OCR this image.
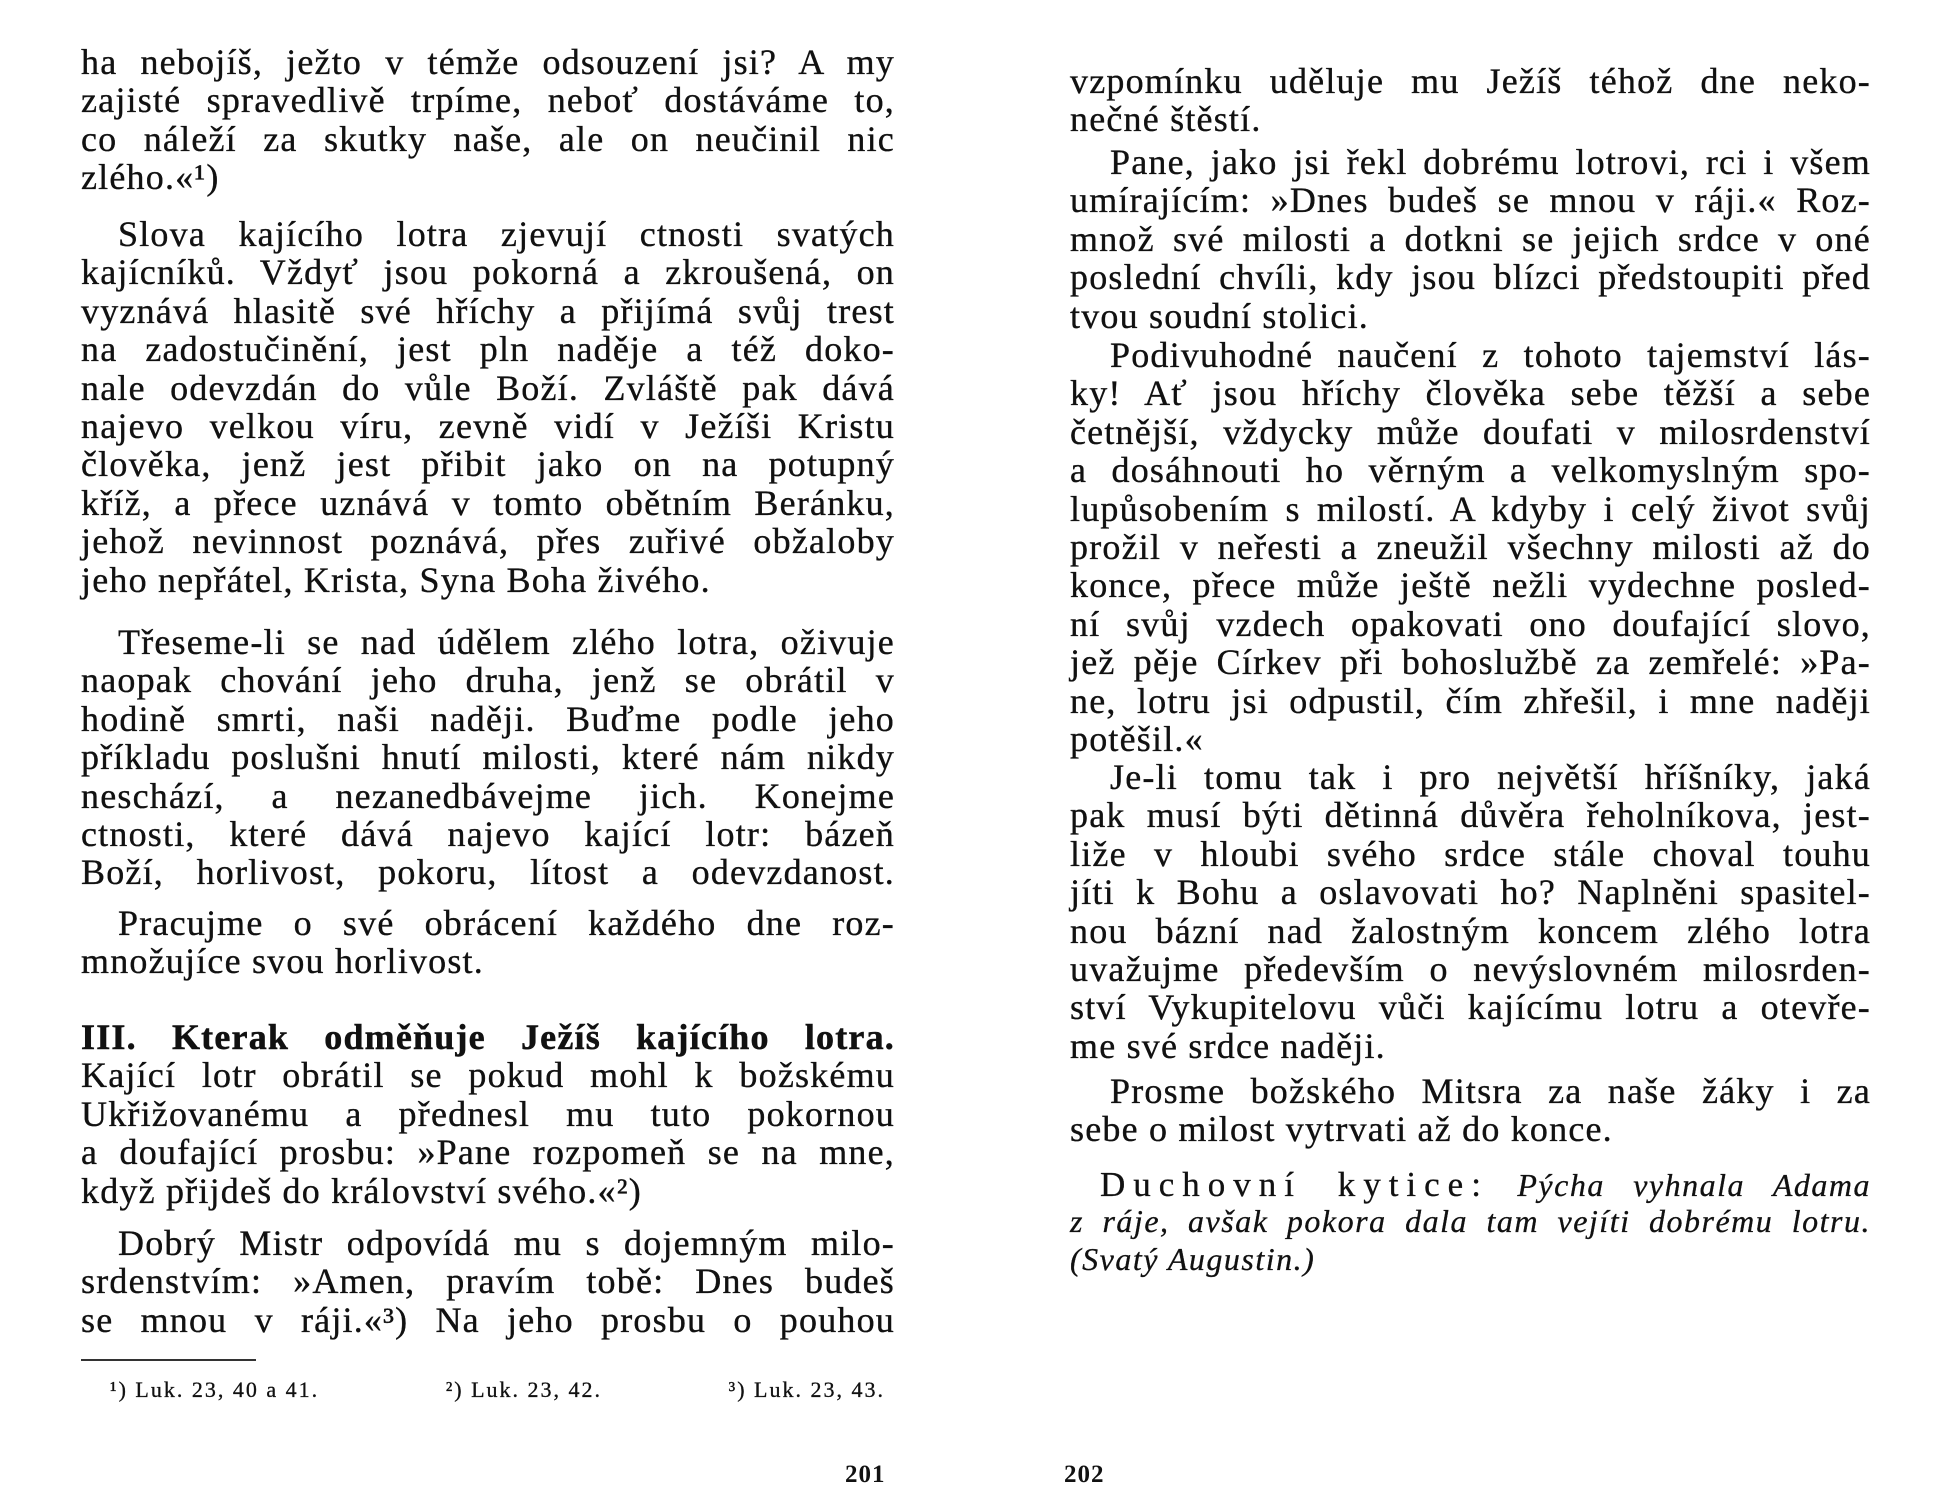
ha nebojíš, ježto v témže odsouzení jsi? A my
zajisté spravedlivě trpíme, neboť dostáváme to,
co náleží za skutky naše, ale on neučinil nic
zlého.«¹)
Slova kajícího lotra zjevují ctnosti svatých
kajícníků. Vždyť jsou pokorná a zkroušená, on
vyznává hlasitě své hříchy a přijímá svůj trest
na zadostučinění, jest pln naděje a též doko-
nale odevzdán do vůle Boží. Zvláště pak dává
najevo velkou víru, zevně vidí v Ježíši Kristu
člověka, jenž jest přibit jako on na potupný
kříž, a přece uznává v tomto obětním Beránku,
jehož nevinnost poznává, přes zuřivé obžaloby
jeho nepřátel, Krista, Syna Boha živého.
Třeseme-li se nad údělem zlého lotra, oživuje
naopak chování jeho druha, jenž se obrátil v
hodině smrti, naši naději. Buďme podle jeho
příkladu poslušni hnutí milosti, které nám nikdy
neschází, a nezanedbávejme jich. Konejme
ctnosti, které dává najevo kající lotr: bázeň
Boží, horlivost, pokoru, lítost a odevzdanost.
Pracujme o své obrácení každého dne roz-
množujíce svou horlivost.
III. Kterak odměňuje Ježíš kajícího lotra.
Kající lotr obrátil se pokud mohl k božskému
Ukřižovanému a přednesl mu tuto pokornou
a doufající prosbu: »Pane rozpomeň se na mne,
když přijdeš do království svého.«²)
Dobrý Mistr odpovídá mu s dojemným milo-
srdenstvím: »Amen, pravím tobě: Dnes budeš
se mnou v ráji.«³) Na jeho prosbu o pouhou
¹) Luk. 23, 40 a 41.	²) Luk. 23, 42.	³) Luk. 23, 43.
201
vzpomínku uděluje mu Ježíš téhož dne neko-
nečné štěstí.
Pane, jako jsi řekl dobrému lotrovi, rci i všem
umírajícím: »Dnes budeš se mnou v ráji.« Roz-
množ své milosti a dotkni se jejich srdce v oné
poslední chvíli, kdy jsou blízci předstoupiti před
tvou soudní stolici.
Podivuhodné naučení z tohoto tajemství lás-
ky! Ať jsou hříchy člověka sebe těžší a sebe
četnější, vždycky může doufati v milosrdenství
a dosáhnouti ho věrným a velkomyslným spo-
lupůsobením s milostí. A kdyby i celý život svůj
prožil v neřesti a zneužil všechny milosti až do
konce, přece může ještě nežli vydechne posled-
ní svůj vzdech opakovati ono doufající slovo,
jež pěje Církev při bohoslužbě za zemřelé: »Pa-
ne, lotru jsi odpustil, čím zhřešil, i mne naději
potěšil.«
Je-li tomu tak i pro největší hříšníky, jaká
pak musí býti dětinná důvěra řeholníkova, jest-
liže v hloubi svého srdce stále choval touhu
jíti k Bohu a oslavovati ho? Naplněni spasitel-
nou bázní nad žalostným koncem zlého lotra
uvažujme především o nevýslovném milosrden-
ství Vykupitelovu vůči kajícímu lotru a otevře-
me své srdce naději.
Prosme božského Mitsra za naše žáky i za
sebe o milost vytrvati až do konce.
Duchovní kytice: Pýcha vyhnala Adama
z ráje, avšak pokora dala tam vejíti dobrému lotru.
(Svatý Augustin.)
202
